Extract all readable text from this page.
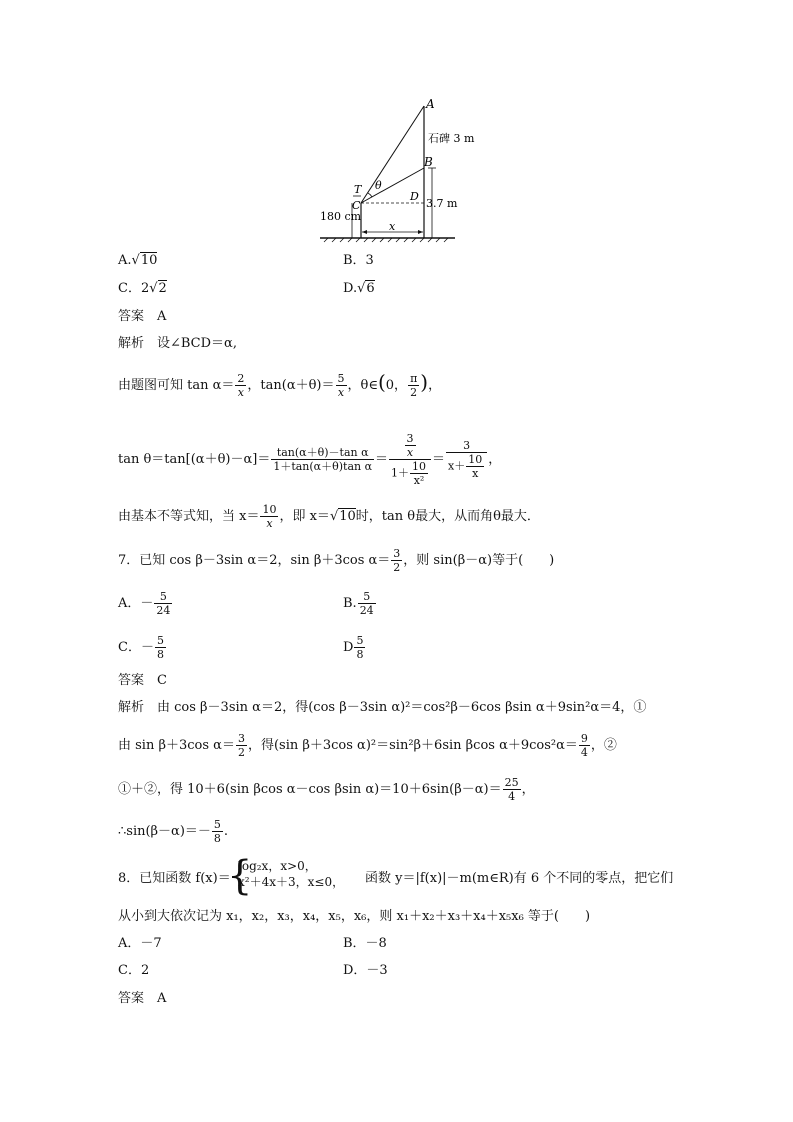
A
B
C
D
T θ
石碑 3 m
3.7 m
180 cm
x
A.√10	B．3
C．2√2	D.√6
答案　A
解析　设∠BCD＝α,
由题图可知 $\tan \alpha= \frac{2}{x}$ ，$\tan(\alpha+\theta)= \frac{5}{x}$ ，θ∈(0， $\frac{\pi}{2}$ )，
$\tan \theta=\tan[(\alpha+\theta)-\alpha]= \frac{\text{tan(α＋θ)－tan α}}{\text{1＋tan(α＋θ)tan α}} = \frac{\frac{3}{x}}{1+ \frac{10}{\text{x²}}} = \frac{3}{x+ \frac{10}{x}}$ ，
由基本不等式知，当 $x= \frac{10}{x}$ ，即 x＝√10时，tan θ最大，从而角θ最大．
7．已知 cos β－3sin α＝2，sin β＋3cos $\alpha= \frac{3}{2}$ ，则 sin(β－α)等于(　　)
A．－ $\frac{5}{24}$	B. $\frac{5}{24}$
C．－ $\frac{5}{8}$	D $\frac{5}{8}$
答案　C
解析　由 cos β－3sin α＝2，得(cos β－3sin α)²＝cos²β－6cos βsin α＋9sin²α＝4，①
由 sin β＋3cos $\alpha= \frac{3}{2}$ ，得(sin β＋3cos α)²＝sin²β＋6sin βcos $\alpha+9\cos^2\alpha= \frac{9}{4}$ ，②
①＋②，得 10＋6(sin βcos α－cos βsin $\alpha)=10+6\sin(\beta-\alpha)= \frac{25}{4}$ ，
∴sin(β－α)＝－ $\frac{5}{8}$ .
8．已知函数 f(x)＝
{
log₂x，x>0，
x²＋4x＋3，x≤0， 函数 y＝|f(x)|－m(m∈R)有 6 个不同的零点，把它们
从小到大依次记为 x₁，x₂，x₃，x₄，x₅，x₆，则 x₁＋x₂＋x₃＋x₄＋x₅x₆ 等于(　　)
A．－7	B．－8
C．2	D．－3
答案　A
